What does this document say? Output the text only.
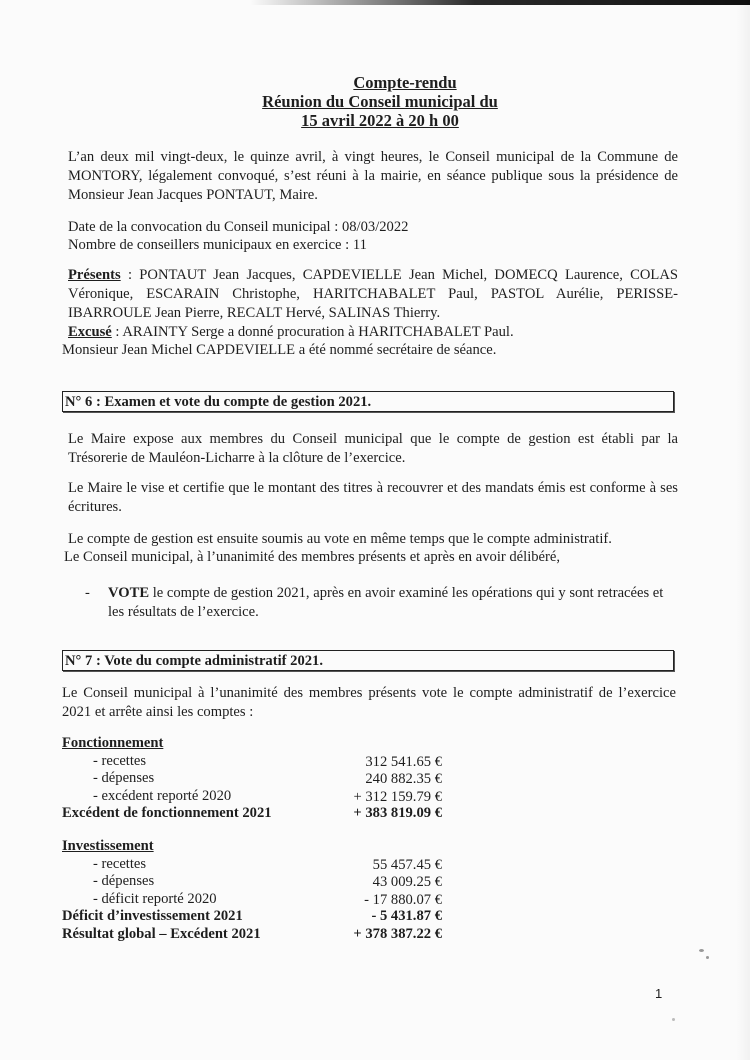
Compte-rendu
Réunion du Conseil municipal du
15 avril 2022 à 20 h 00
L’an deux mil vingt-deux, le quinze avril, à vingt heures, le Conseil municipal de la Commune de MONTORY, légalement convoqué, s’est réuni à la mairie, en séance publique sous la présidence de Monsieur Jean Jacques PONTAUT, Maire.
Date de la convocation du Conseil municipal : 08/03/2022
Nombre de conseillers municipaux en exercice : 11
Présents : PONTAUT Jean Jacques, CAPDEVIELLE Jean Michel, DOMECQ Laurence, COLAS Véronique, ESCARAIN Christophe, HARITCHABALET Paul, PASTOL Aurélie, PERISSE-IBARROULE Jean Pierre, RECALT Hervé, SALINAS Thierry.
Excusé : ARAINTY Serge a donné procuration à HARITCHABALET Paul.
Monsieur Jean Michel CAPDEVIELLE a été nommé secrétaire de séance.
N° 6 : Examen et vote du compte de gestion 2021.
Le Maire expose aux membres du Conseil municipal que le compte de gestion est établi par la Trésorerie de Mauléon-Licharre à la clôture de l’exercice.
Le Maire le vise et certifie que le montant des titres à recouvrer et des mandats émis est conforme à ses écritures.
Le compte de gestion est ensuite soumis au vote en même temps que le compte administratif.
Le Conseil municipal, à l’unanimité des membres présents et après en avoir délibéré,
- VOTE le compte de gestion 2021, après en avoir examiné les opérations qui y sont retracées et les résultats de l’exercice.
N° 7 : Vote du compte administratif 2021.
Le Conseil municipal à l’unanimité des membres présents vote le compte administratif de l’exercice 2021 et arrête ainsi les comptes :
Fonctionnement
- recettes	312 541.65 €
- dépenses	240 882.35 €
- excédent reporté 2020	+ 312 159.79 €
Excédent de fonctionnement 2021	+ 383 819.09 €
Investissement
- recettes	55 457.45 €
- dépenses	43 009.25 €
- déficit reporté 2020	- 17 880.07 €
Déficit d’investissement 2021	- 5 431.87 €
Résultat global – Excédent 2021	+ 378 387.22 €
1
